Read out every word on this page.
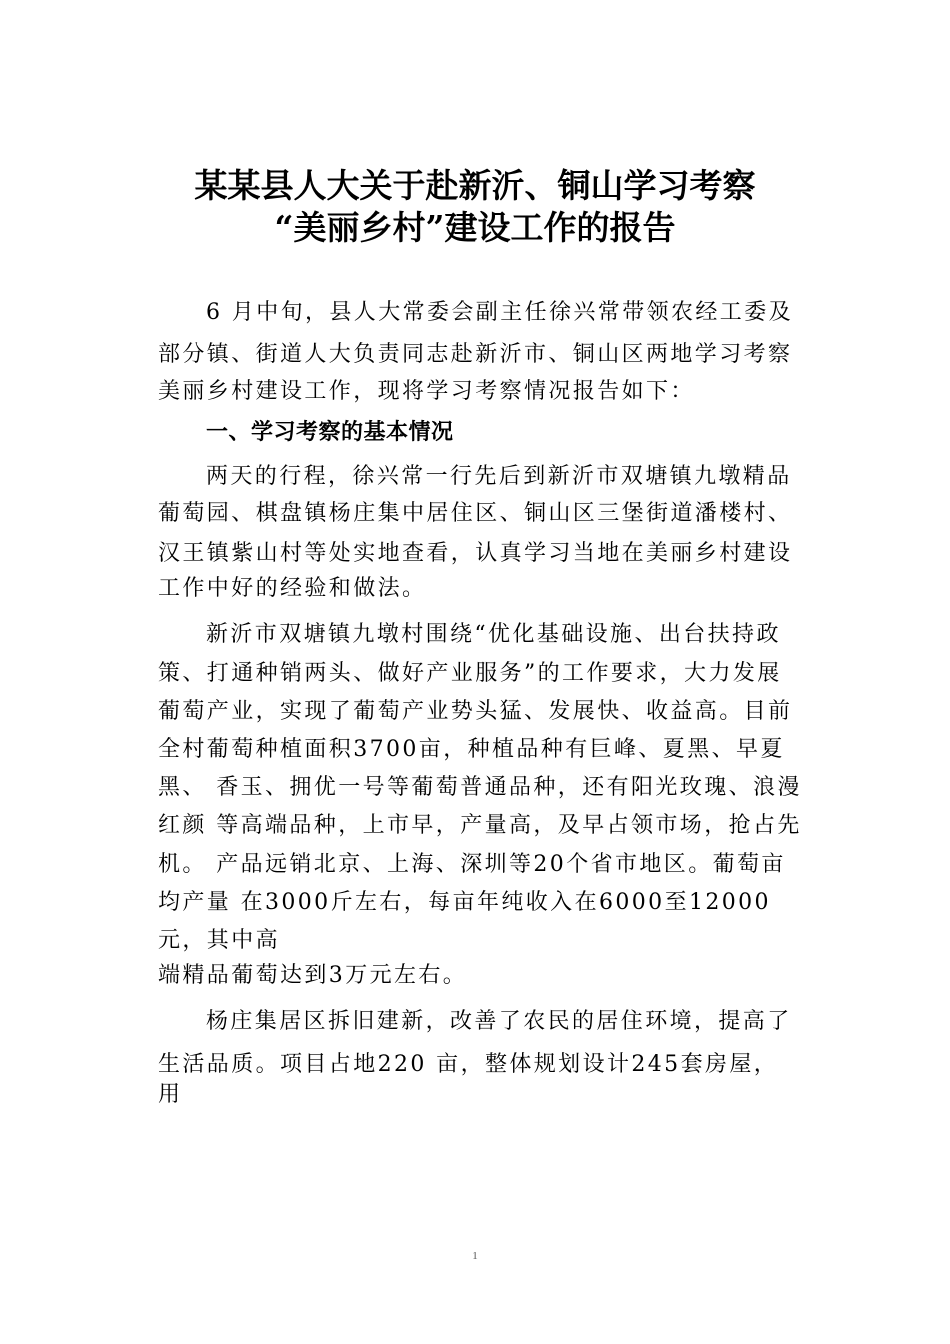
某某县人大关于赴新沂、铜山学习考察
“美丽乡村”建设工作的报告
6 月中旬，县人大常委会副主任徐兴常带领农经工委及
部分镇、街道人大负责同志赴新沂市、铜山区两地学习考察
美丽乡村建设工作，现将学习考察情况报告如下：
一、学习考察的基本情况
两天的行程，徐兴常一行先后到新沂市双塘镇九墩精品
葡萄园、棋盘镇杨庄集中居住区、铜山区三堡街道潘楼村、
汉王镇紫山村等处实地查看，认真学习当地在美丽乡村建设
工作中好的经验和做法。
新沂市双塘镇九墩村围绕“优化基础设施、出台扶持政
策、打通种销两头、做好产业服务”的工作要求，大力发展
葡萄产业，实现了葡萄产业势头猛、发展快、收益高。目前
全村葡萄种植面积3700亩，种植品种有巨峰、夏黑、早夏
黑、 香玉、拥优一号等葡萄普通品种，还有阳光玫瑰、浪漫
红颜 等高端品种，上市早，产量高，及早占领市场，抢占先
机。 产品远销北京、上海、深圳等20个省市地区。葡萄亩
均产量 在3000斤左右，每亩年纯收入在6000至12000
元，其中高
端精品葡萄达到3万元左右。
杨庄集居区拆旧建新，改善了农民的居住环境，提高了
生活品质。项目占地220 亩，整体规划设计245套房屋，
用
1
